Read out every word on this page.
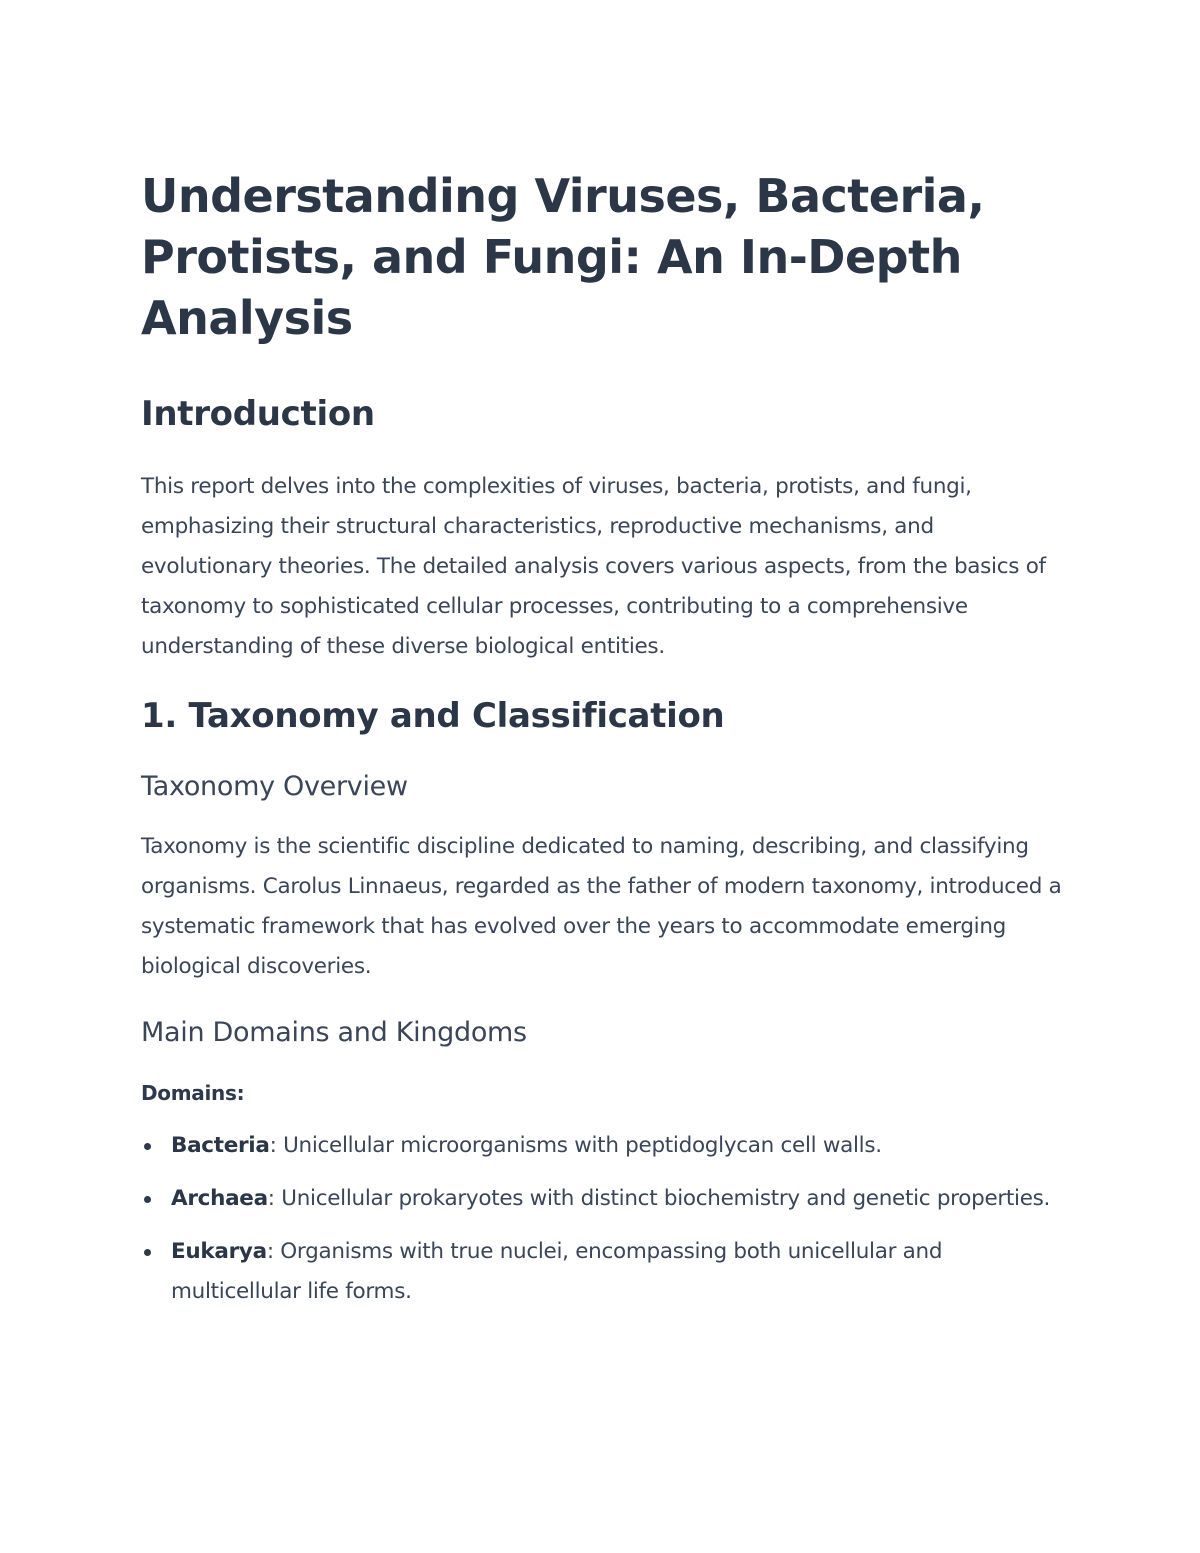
Understanding Viruses, Bacteria, Protists, and Fungi: An In-Depth Analysis
Introduction

This report delves into the complexities of viruses, bacteria, protists, and fungi, emphasizing their structural characteristics, reproductive mechanisms, and evolutionary theories. The detailed analysis covers various aspects, from the basics of taxonomy to sophisticated cellular processes, contributing to a comprehensive understanding of these diverse biological entities.

1. Taxonomy and Classification
Taxonomy Overview

Taxonomy is the scientific discipline dedicated to naming, describing, and classifying organisms. Carolus Linnaeus, regarded as the father of modern taxonomy, introduced a systematic framework that has evolved over the years to accommodate emerging biological discoveries.

Main Domains and Kingdoms

Domains:

Bacteria: Unicellular microorganisms with peptidoglycan cell walls.
Archaea: Unicellular prokaryotes with distinct biochemistry and genetic properties.
Eukarya: Organisms with true nuclei, encompassing both unicellular and multicellular life forms.
